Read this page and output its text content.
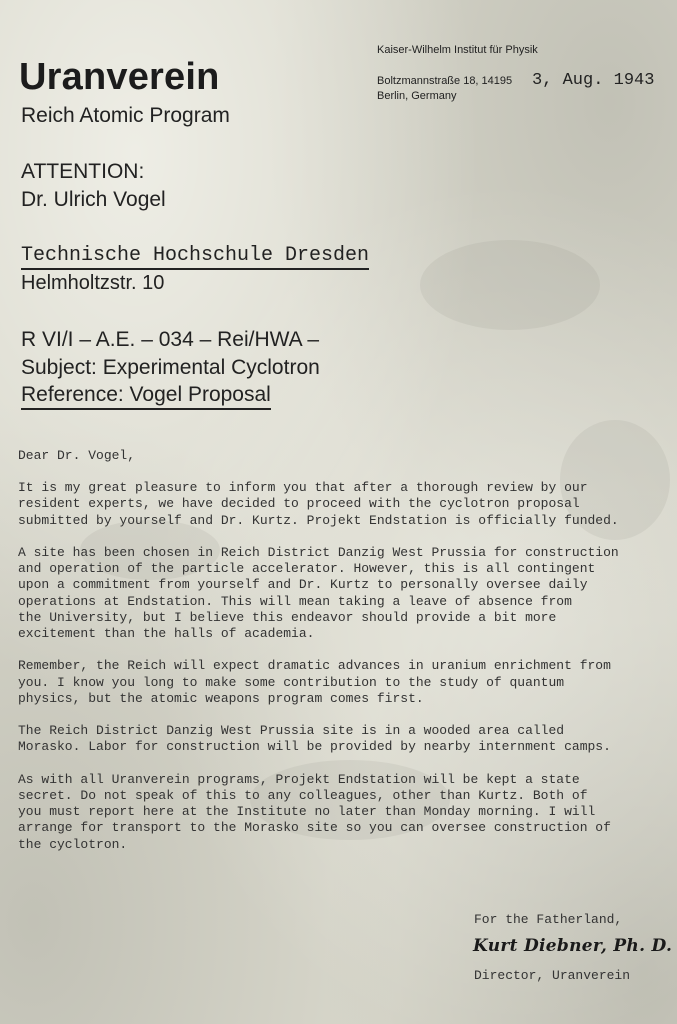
Uranverein
Reich Atomic Program
Kaiser-Wilhelm Institut für Physik
Boltzmannstraße 18, 14195
Berlin, Germany
3, Aug. 1943
ATTENTION:
Dr. Ulrich Vogel
Technische Hochschule Dresden
Helmholtzstr. 10
R VI/I – A.E. – 034 – Rei/HWA –
Subject: Experimental Cyclotron
Reference: Vogel Proposal
Dear Dr. Vogel,
It is my great pleasure to inform you that after a thorough review by our
resident experts, we have decided to proceed with the cyclotron proposal
submitted by yourself and Dr. Kurtz. Projekt Endstation is officially funded.
A site has been chosen in Reich District Danzig West Prussia for construction
and operation of the particle accelerator. However, this is all contingent
upon a commitment from yourself and Dr. Kurtz to personally oversee daily
operations at Endstation. This will mean taking a leave of absence from
the University, but I believe this endeavor should provide a bit more
excitement than the halls of academia.
Remember, the Reich will expect dramatic advances in uranium enrichment from
you. I know you long to make some contribution to the study of quantum
physics, but the atomic weapons program comes first.
The Reich District Danzig West Prussia site is in a wooded area called
Morasko. Labor for construction will be provided by nearby internment camps.
As with all Uranverein programs, Projekt Endstation will be kept a state
secret. Do not speak of this to any colleagues, other than Kurtz. Both of
you must report here at the Institute no later than Monday morning. I will
arrange for transport to the Morasko site so you can oversee construction of
the cyclotron.
For the Fatherland,
Kurt Diebner, Ph. D.
Director, Uranverein
